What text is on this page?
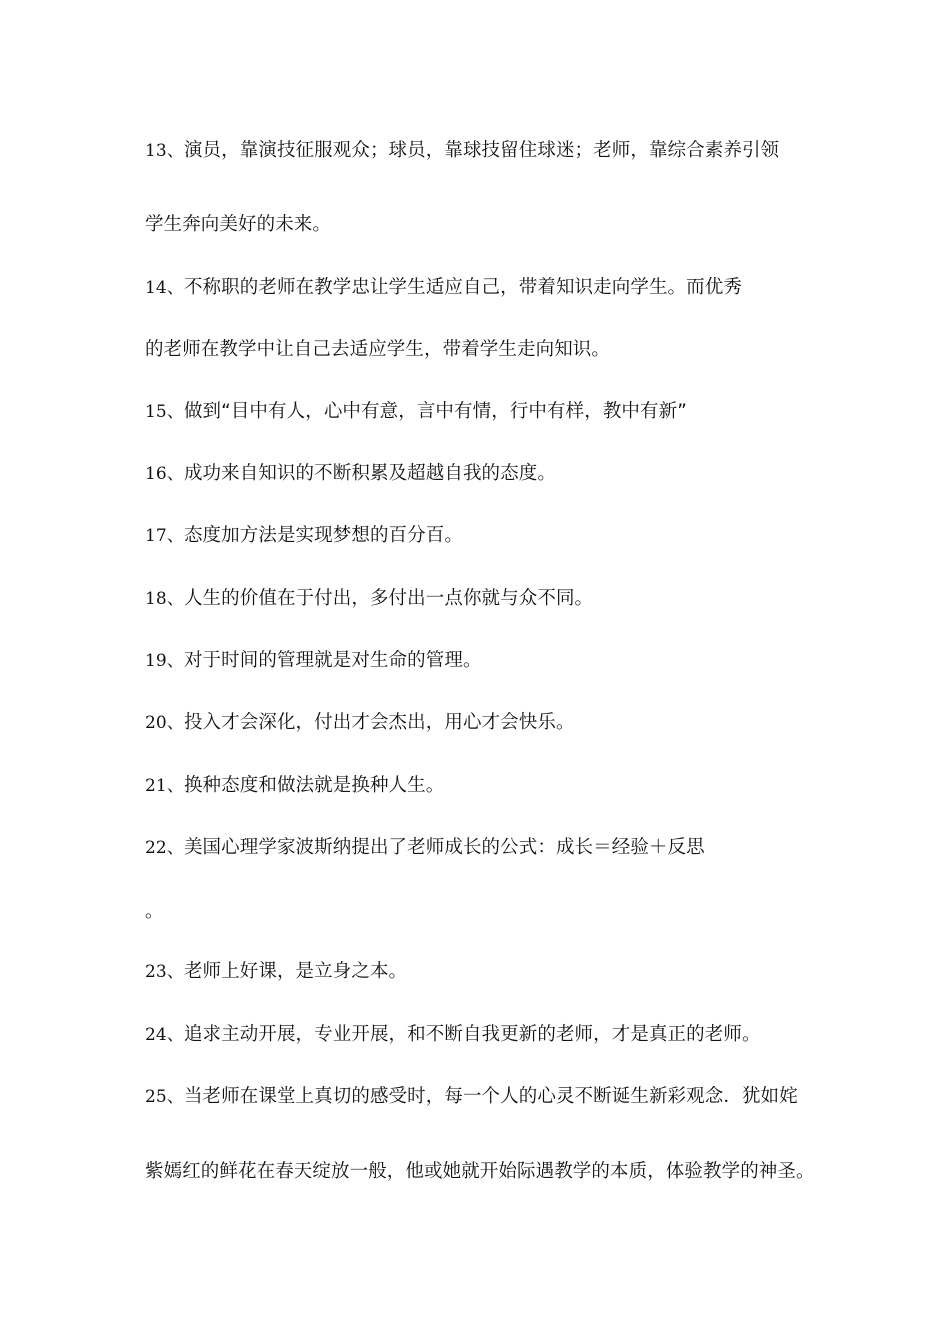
13、演员，靠演技征服观众；球员，靠球技留住球迷；老师，靠综合素养引领
学生奔向美好的未来。
14、不称职的老师在教学忠让学生适应自己，带着知识走向学生。而优秀
的老师在教学中让自己去适应学生，带着学生走向知识。
15、做到“目中有人，心中有意，言中有情，行中有样，教中有新”
16、成功来自知识的不断积累及超越自我的态度。
17、态度加方法是实现梦想的百分百。
18、人生的价值在于付出，多付出一点你就与众不同。
19、对于时间的管理就是对生命的管理。
20、投入才会深化，付出才会杰出，用心才会快乐。
21、换种态度和做法就是换种人生。
22、美国心理学家波斯纳提出了老师成长的公式：成长＝经验＋反思
。
23、老师上好课，是立身之本。
24、追求主动开展，专业开展，和不断自我更新的老师，才是真正的老师。
25、当老师在课堂上真切的感受时，每一个人的心灵不断诞生新彩观念．犹如姹
紫嫣红的鲜花在春天绽放一般，他或她就开始际遇教学的本质，体验教学的神圣。
